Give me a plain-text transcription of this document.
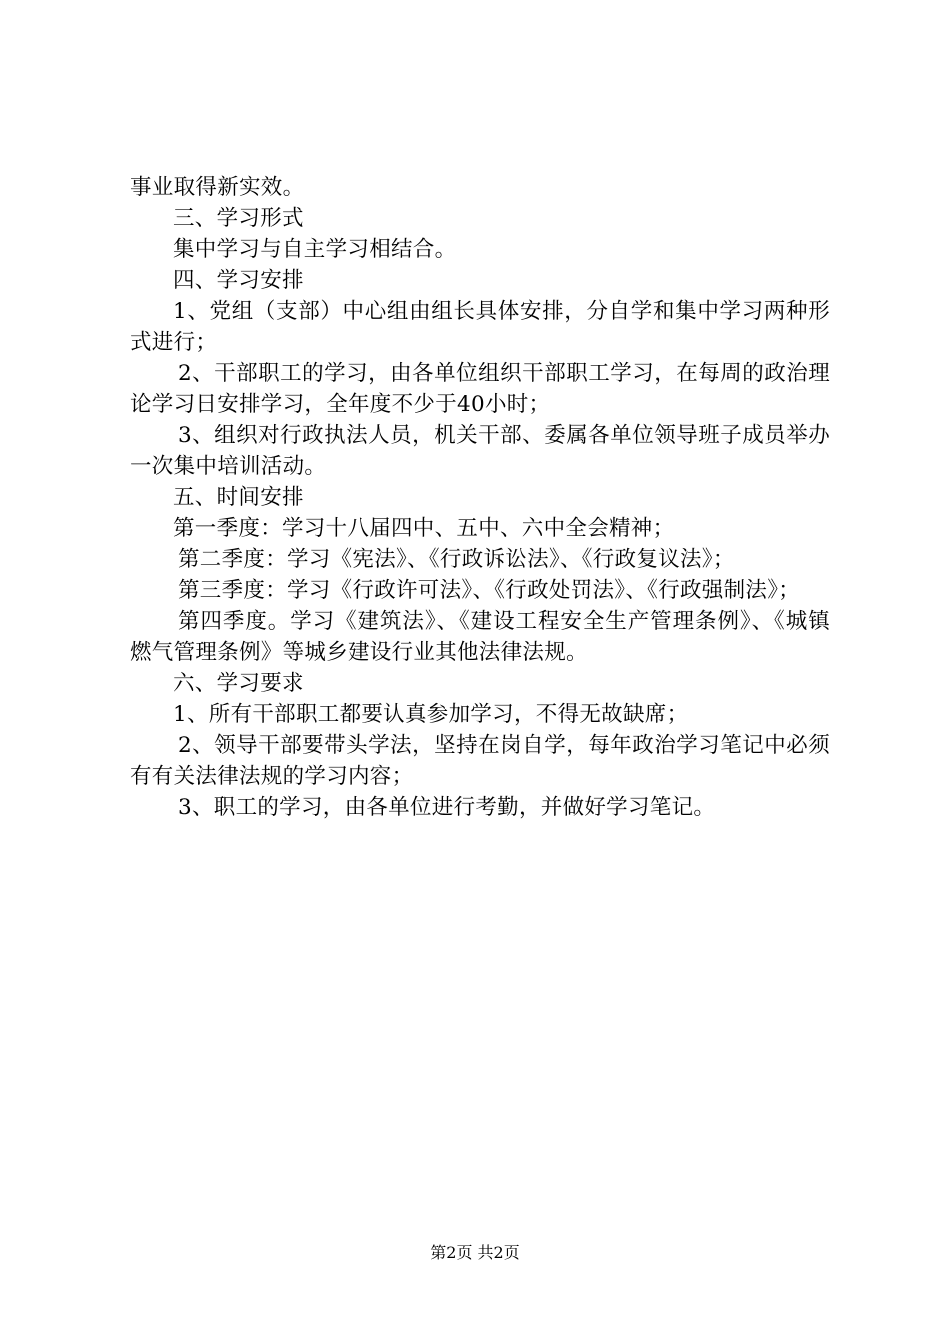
事业取得新实效。

三、学习形式

集中学习与自主学习相结合。

四、学习安排

1、党组（支部）中心组由组长具体安排，分自学和集中学习两种形式进行；

2、干部职工的学习，由各单位组织干部职工学习，在每周的政治理论学习日安排学习，全年度不少于40小时；

3、组织对行政执法人员，机关干部、委属各单位领导班子成员举办一次集中培训活动。

五、时间安排

第一季度：学习十八届四中、五中、六中全会精神；

第二季度：学习《宪法》、《行政诉讼法》、《行政复议法》；

第三季度：学习《行政许可法》、《行政处罚法》、《行政强制法》；

第四季度。学习《建筑法》、《建设工程安全生产管理条例》、《城镇燃气管理条例》等城乡建设行业其他法律法规。

六、学习要求

1、所有干部职工都要认真参加学习，不得无故缺席；

2、领导干部要带头学法，坚持在岗自学，每年政治学习笔记中必须有有关法律法规的学习内容；

3、职工的学习，由各单位进行考勤，并做好学习笔记。

第2页 共2页
